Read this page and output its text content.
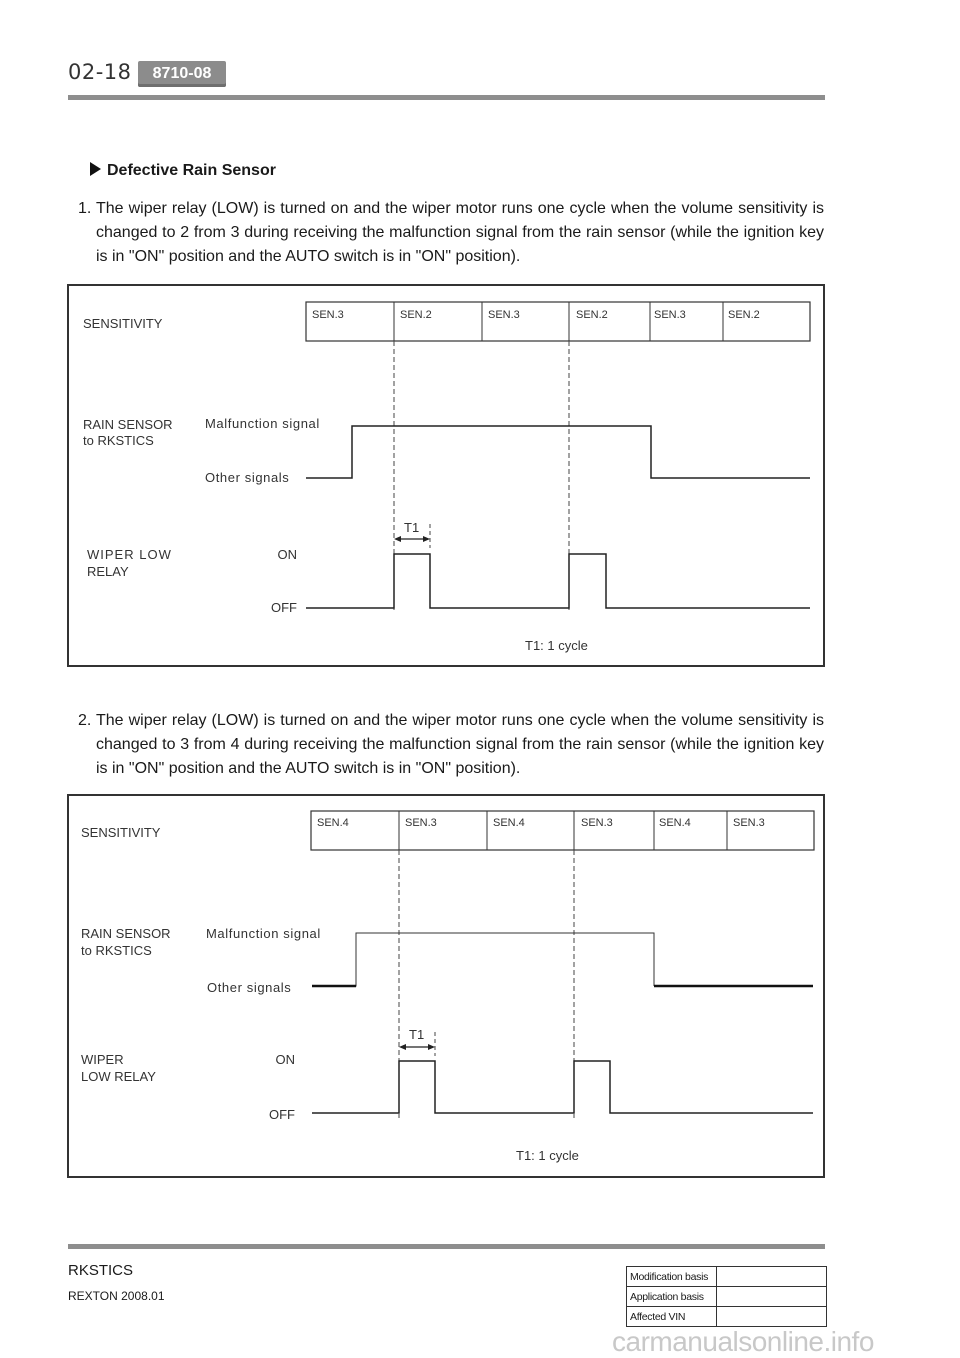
02-18	8710-08
Defective Rain Sensor
1. The wiper relay (LOW) is turned on and the wiper motor runs one cycle when the volume sensitivity is changed to 2 from 3 during receiving the malfunction signal from the rain sensor (while the ignition key is in "ON" position and the AUTO switch is in "ON" position).
SENSITIVITY
RAIN SENSOR
to RKSTICS
WIPER LOW
RELAY
Malfunction signal
Other signals
ON
OFF
SEN.3	SEN.2	SEN.3	SEN.2	SEN.3	SEN.2
T1
T1: 1 cycle
2. The wiper relay (LOW) is turned on and the wiper motor runs one cycle when the volume sensitivity is changed to 3 from 4 during receiving the malfunction signal from the rain sensor (while the ignition key is in "ON" position and the AUTO switch is in "ON" position).
SENSITIVITY
RAIN SENSOR
to RKSTICS
WIPER
LOW RELAY
Malfunction signal
Other signals
ON
OFF
SEN.4	SEN.3	SEN.4	SEN.3	SEN.4	SEN.3
T1
T1: 1 cycle
RKSTICS
REXTON 2008.01
Modification basis	
Application basis	
Affected VIN	
carmanualsonline.info
